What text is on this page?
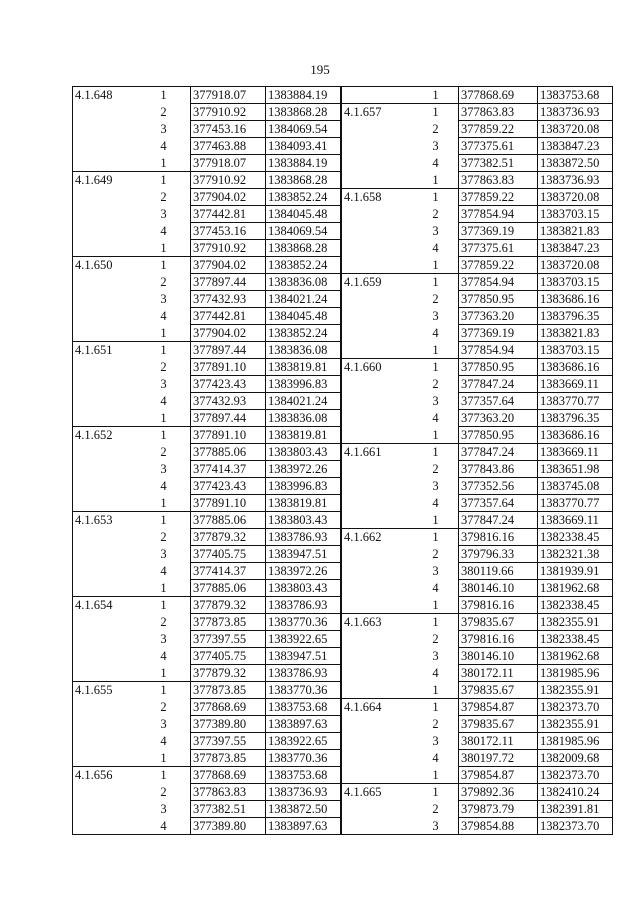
195
4.1.648	1	377918.07	1383884.19
	2	377910.92	1383868.28
	3	377453.16	1384069.54
	4	377463.88	1384093.41
	1	377918.07	1383884.19
4.1.649	1	377910.92	1383868.28
	2	377904.02	1383852.24
	3	377442.81	1384045.48
	4	377453.16	1384069.54
	1	377910.92	1383868.28
4.1.650	1	377904.02	1383852.24
	2	377897.44	1383836.08
	3	377432.93	1384021.24
	4	377442.81	1384045.48
	1	377904.02	1383852.24
4.1.651	1	377897.44	1383836.08
	2	377891.10	1383819.81
	3	377423.43	1383996.83
	4	377432.93	1384021.24
	1	377897.44	1383836.08
4.1.652	1	377891.10	1383819.81
	2	377885.06	1383803.43
	3	377414.37	1383972.26
	4	377423.43	1383996.83
	1	377891.10	1383819.81
4.1.653	1	377885.06	1383803.43
	2	377879.32	1383786.93
	3	377405.75	1383947.51
	4	377414.37	1383972.26
	1	377885.06	1383803.43
4.1.654	1	377879.32	1383786.93
	2	377873.85	1383770.36
	3	377397.55	1383922.65
	4	377405.75	1383947.51
	1	377879.32	1383786.93
4.1.655	1	377873.85	1383770.36
	2	377868.69	1383753.68
	3	377389.80	1383897.63
	4	377397.55	1383922.65
	1	377873.85	1383770.36
4.1.656	1	377868.69	1383753.68
	2	377863.83	1383736.93
	3	377382.51	1383872.50
	4	377389.80	1383897.63
	1	377868.69	1383753.68
4.1.657	1	377863.83	1383736.93
	2	377859.22	1383720.08
	3	377375.61	1383847.23
	4	377382.51	1383872.50
	1	377863.83	1383736.93
4.1.658	1	377859.22	1383720.08
	2	377854.94	1383703.15
	3	377369.19	1383821.83
	4	377375.61	1383847.23
	1	377859.22	1383720.08
4.1.659	1	377854.94	1383703.15
	2	377850.95	1383686.16
	3	377363.20	1383796.35
	4	377369.19	1383821.83
	1	377854.94	1383703.15
4.1.660	1	377850.95	1383686.16
	2	377847.24	1383669.11
	3	377357.64	1383770.77
	4	377363.20	1383796.35
	1	377850.95	1383686.16
4.1.661	1	377847.24	1383669.11
	2	377843.86	1383651.98
	3	377352.56	1383745.08
	4	377357.64	1383770.77
	1	377847.24	1383669.11
4.1.662	1	379816.16	1382338.45
	2	379796.33	1382321.38
	3	380119.66	1381939.91
	4	380146.10	1381962.68
	1	379816.16	1382338.45
4.1.663	1	379835.67	1382355.91
	2	379816.16	1382338.45
	3	380146.10	1381962.68
	4	380172.11	1381985.96
	1	379835.67	1382355.91
4.1.664	1	379854.87	1382373.70
	2	379835.67	1382355.91
	3	380172.11	1381985.96
	4	380197.72	1382009.68
	1	379854.87	1382373.70
4.1.665	1	379892.36	1382410.24
	2	379873.79	1382391.81
	3	379854.88	1382373.70
